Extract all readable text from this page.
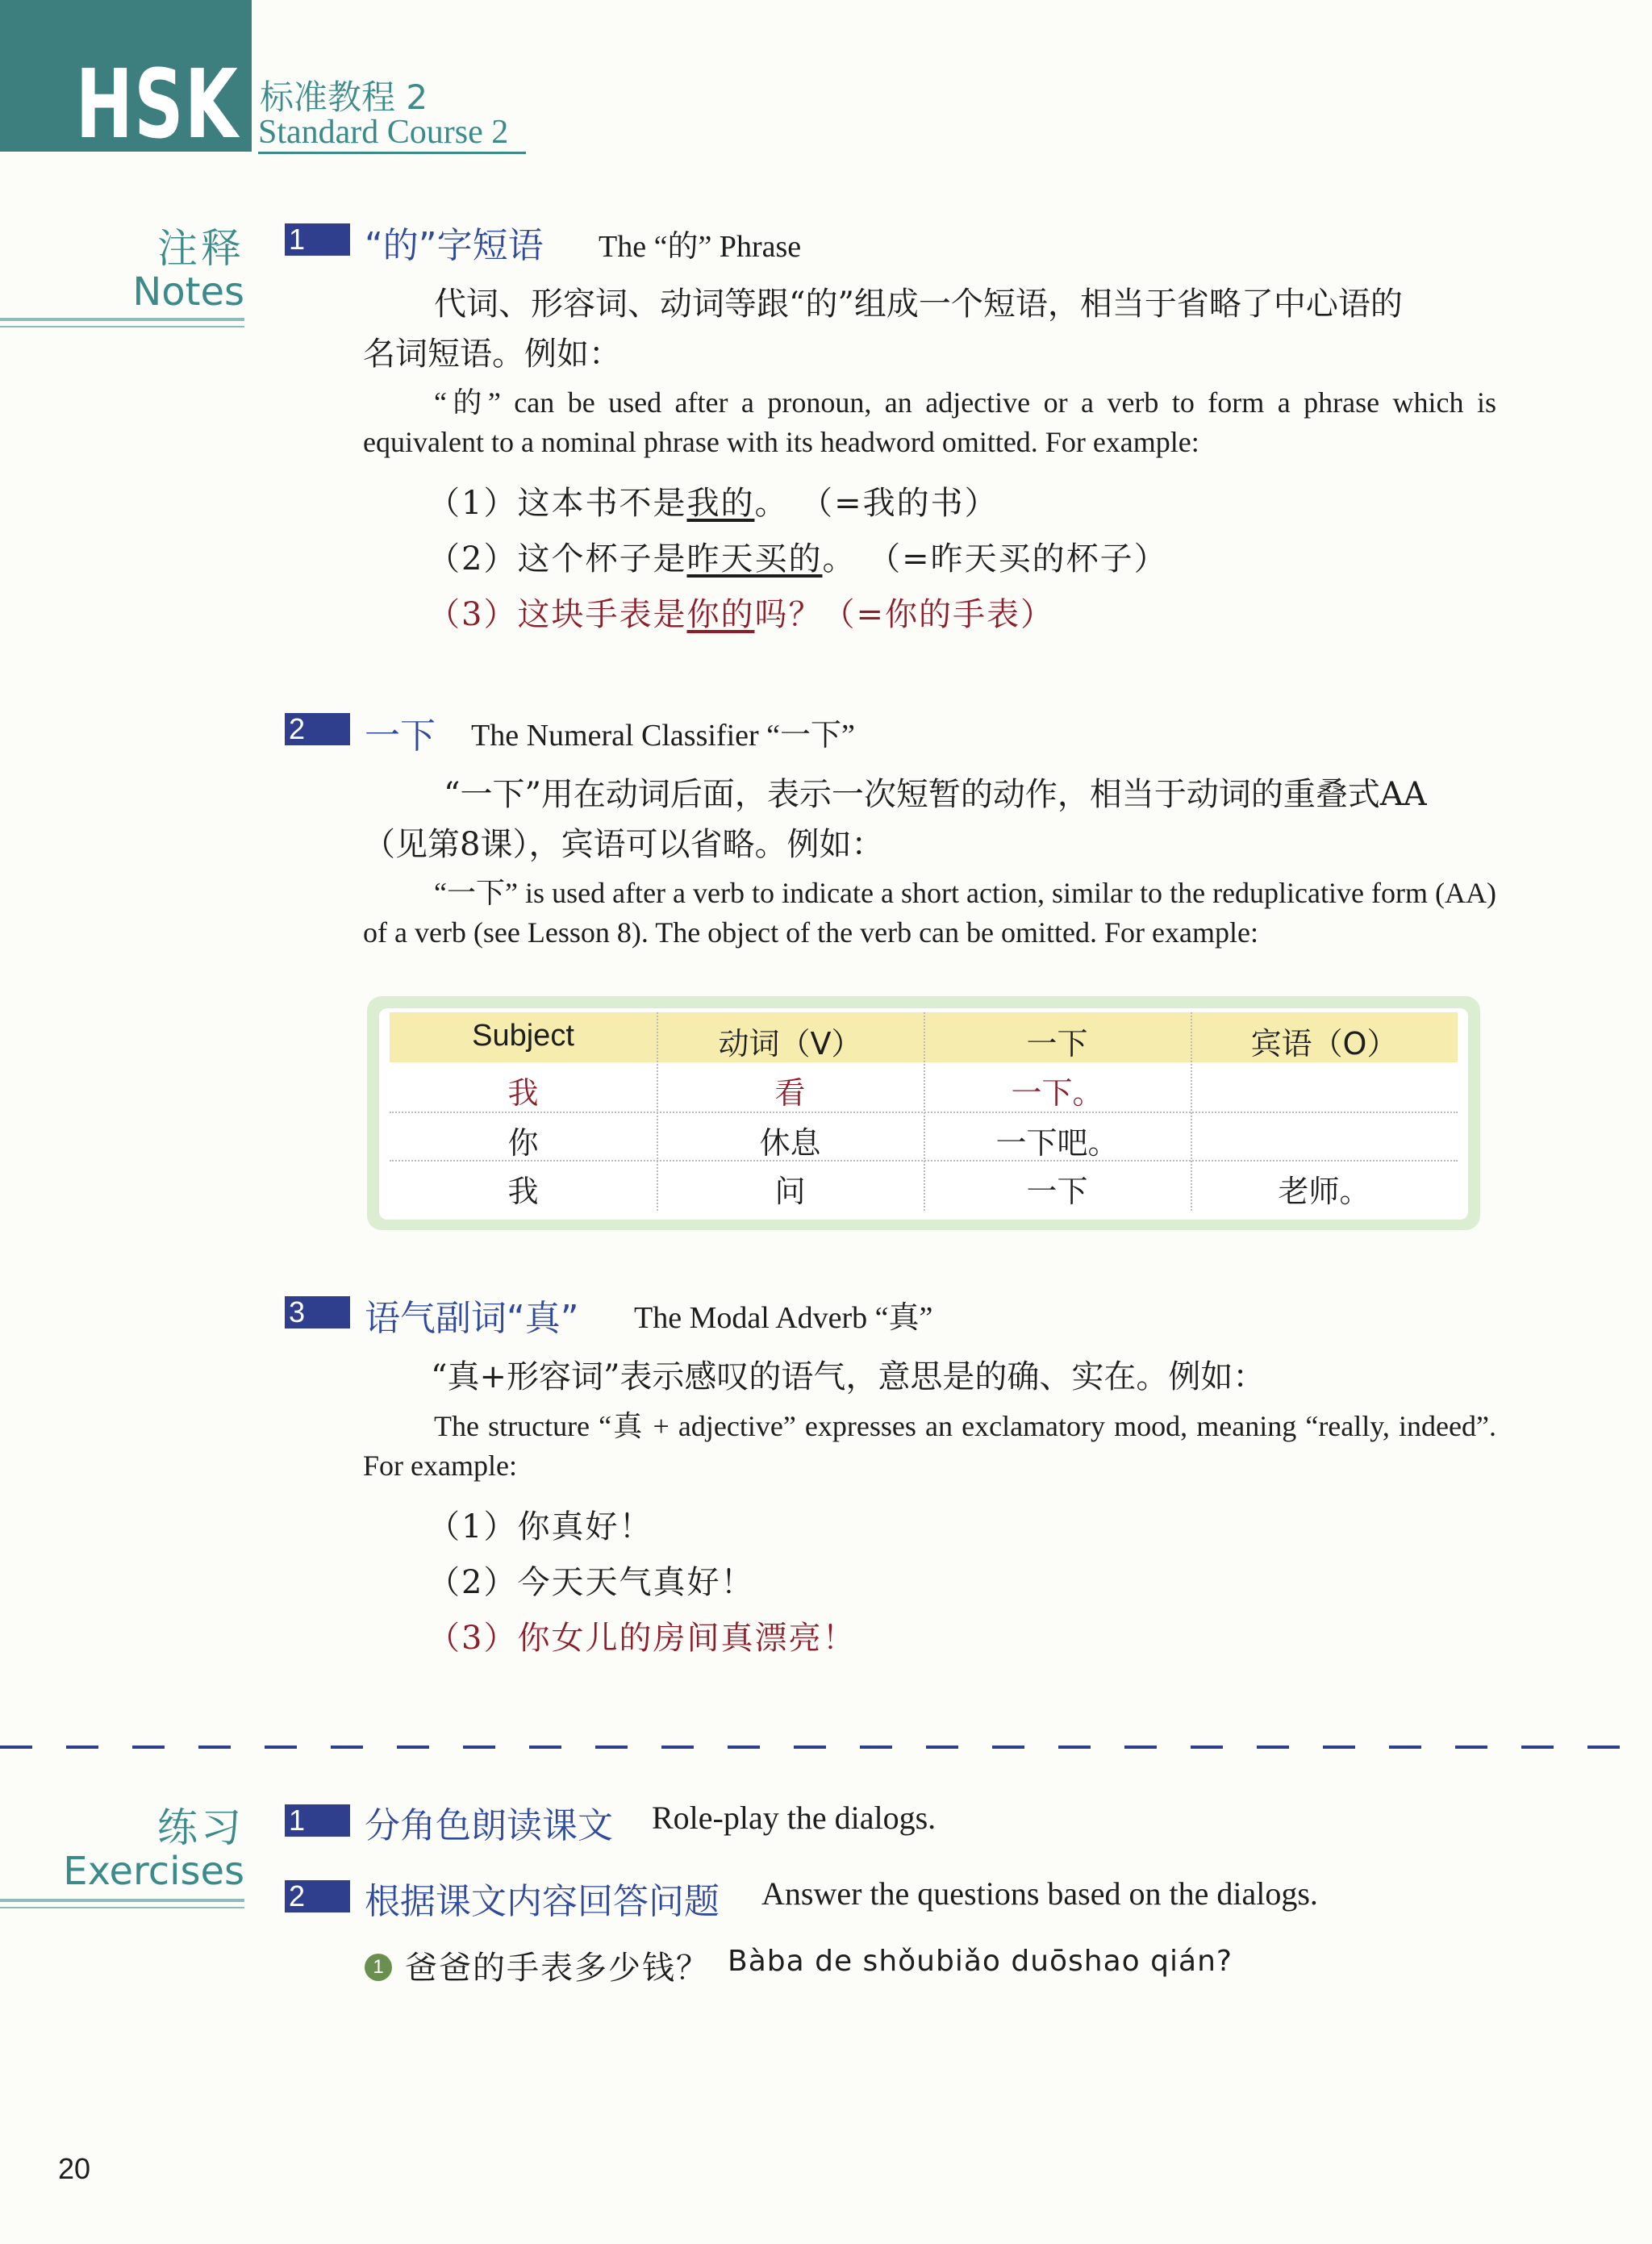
HSK 标准教程 2
Standard Course 2
注释
Notes
1	“的”字短语 The “的” Phrase
代词、形容词、动词等跟“的”组成一个短语，相当于省略了中心语的
名词短语。例如：
“的” can be used after a pronoun, an adjective or a verb to form a phrase which is equivalent to a nominal phrase with its headword omitted. For example:
（1）这本书不是我的。 （=我的书）
（2）这个杯子是昨天买的。 （=昨天买的杯子）
（3）这块手表是你的吗？（=你的手表）
2	一下 The Numeral Classifier “一下”
“一下”用在动词后面，表示一次短暂的动作，相当于动词的重叠式AA
（见第8课），宾语可以省略。例如：
“一下” is used after a verb to indicate a short action, similar to the reduplicative form (AA) of a verb (see Lesson 8). The object of the verb can be omitted. For example:
Subject	动词（V）	一下	宾语（O）
我	看	一下。
你	休息	一下吧。
我	问	一下	老师。
3	语气副词“真” The Modal Adverb “真”
“真+形容词”表示感叹的语气，意思是的确、实在。例如：
The structure “真 + adjective” expresses an exclamatory mood, meaning “really, indeed”. For example:
（1）你真好！
（2）今天天气真好！
（3）你女儿的房间真漂亮！
练习
Exercises
1	分角色朗读课文 Role-play the dialogs.
2	根据课文内容回答问题 Answer the questions based on the dialogs.
1 爸爸的手表多少钱？ Bàba de shǒubiǎo duōshao qián?
20
